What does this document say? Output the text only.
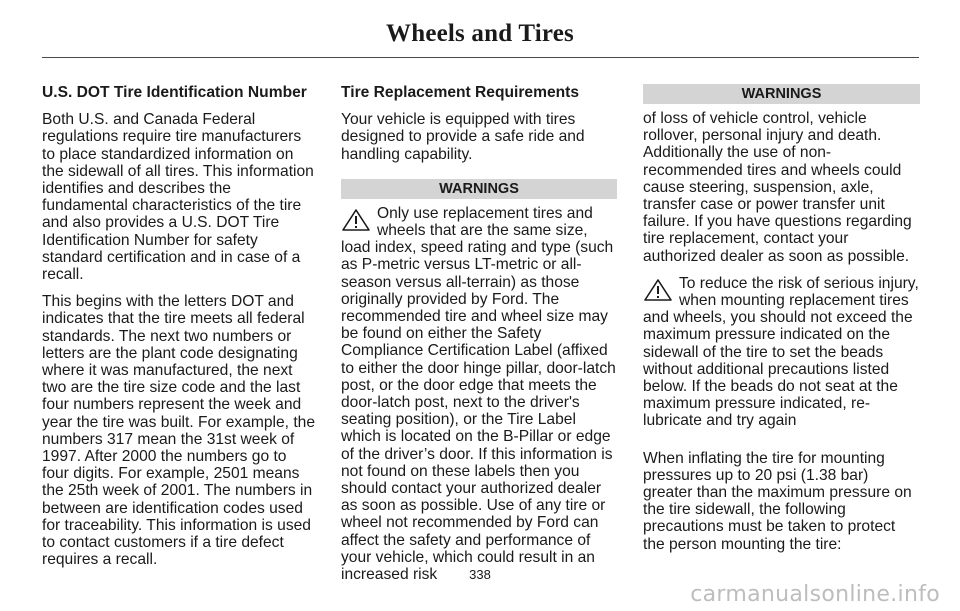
Wheels and Tires

U.S. DOT Tire Identification Number

Both U.S. and Canada Federal regulations require tire manufacturers to place standardized information on the sidewall of all tires. This information identifies and describes the fundamental characteristics of the tire and also provides a U.S. DOT Tire Identification Number for safety standard certification and in case of a recall.

This begins with the letters DOT and indicates that the tire meets all federal standards. The next two numbers or letters are the plant code designating where it was manufactured, the next two are the tire size code and the last four numbers represent the week and year the tire was built. For example, the numbers 317 mean the 31st week of 1997. After 2000 the numbers go to four digits. For example, 2501 means the 25th week of 2001. The numbers in between are identification codes used for traceability. This information is used to contact customers if a tire defect requires a recall.

Tire Replacement Requirements

Your vehicle is equipped with tires designed to provide a safe ride and handling capability.

WARNINGS
Only use replacement tires and wheels that are the same size, load index, speed rating and type (such as P-metric versus LT-metric or all-season versus all-terrain) as those originally provided by Ford. The recommended tire and wheel size may be found on either the Safety Compliance Certification Label (affixed to either the door hinge pillar, door-latch post, or the door edge that meets the door-latch post, next to the driver's seating position), or the Tire Label which is located on the B-Pillar or edge of the driver’s door. If this information is not found on these labels then you should contact your authorized dealer as soon as possible. Use of any tire or wheel not recommended by Ford can affect the safety and performance of your vehicle, which could result in an increased risk
WARNINGS

of loss of vehicle control, vehicle rollover, personal injury and death. Additionally the use of non-recommended tires and wheels could cause steering, suspension, axle, transfer case or power transfer unit failure. If you have questions regarding tire replacement, contact your authorized dealer as soon as possible.

To reduce the risk of serious injury, when mounting replacement tires and wheels, you should not exceed the maximum pressure indicated on the sidewall of the tire to set the beads without additional precautions listed below. If the beads do not seat at the maximum pressure indicated, re-lubricate and try again

When inflating the tire for mounting pressures up to 20 psi (1.38 bar) greater than the maximum pressure on the tire sidewall, the following precautions must be taken to protect the person mounting the tire:

338
carmanualsonline.info
